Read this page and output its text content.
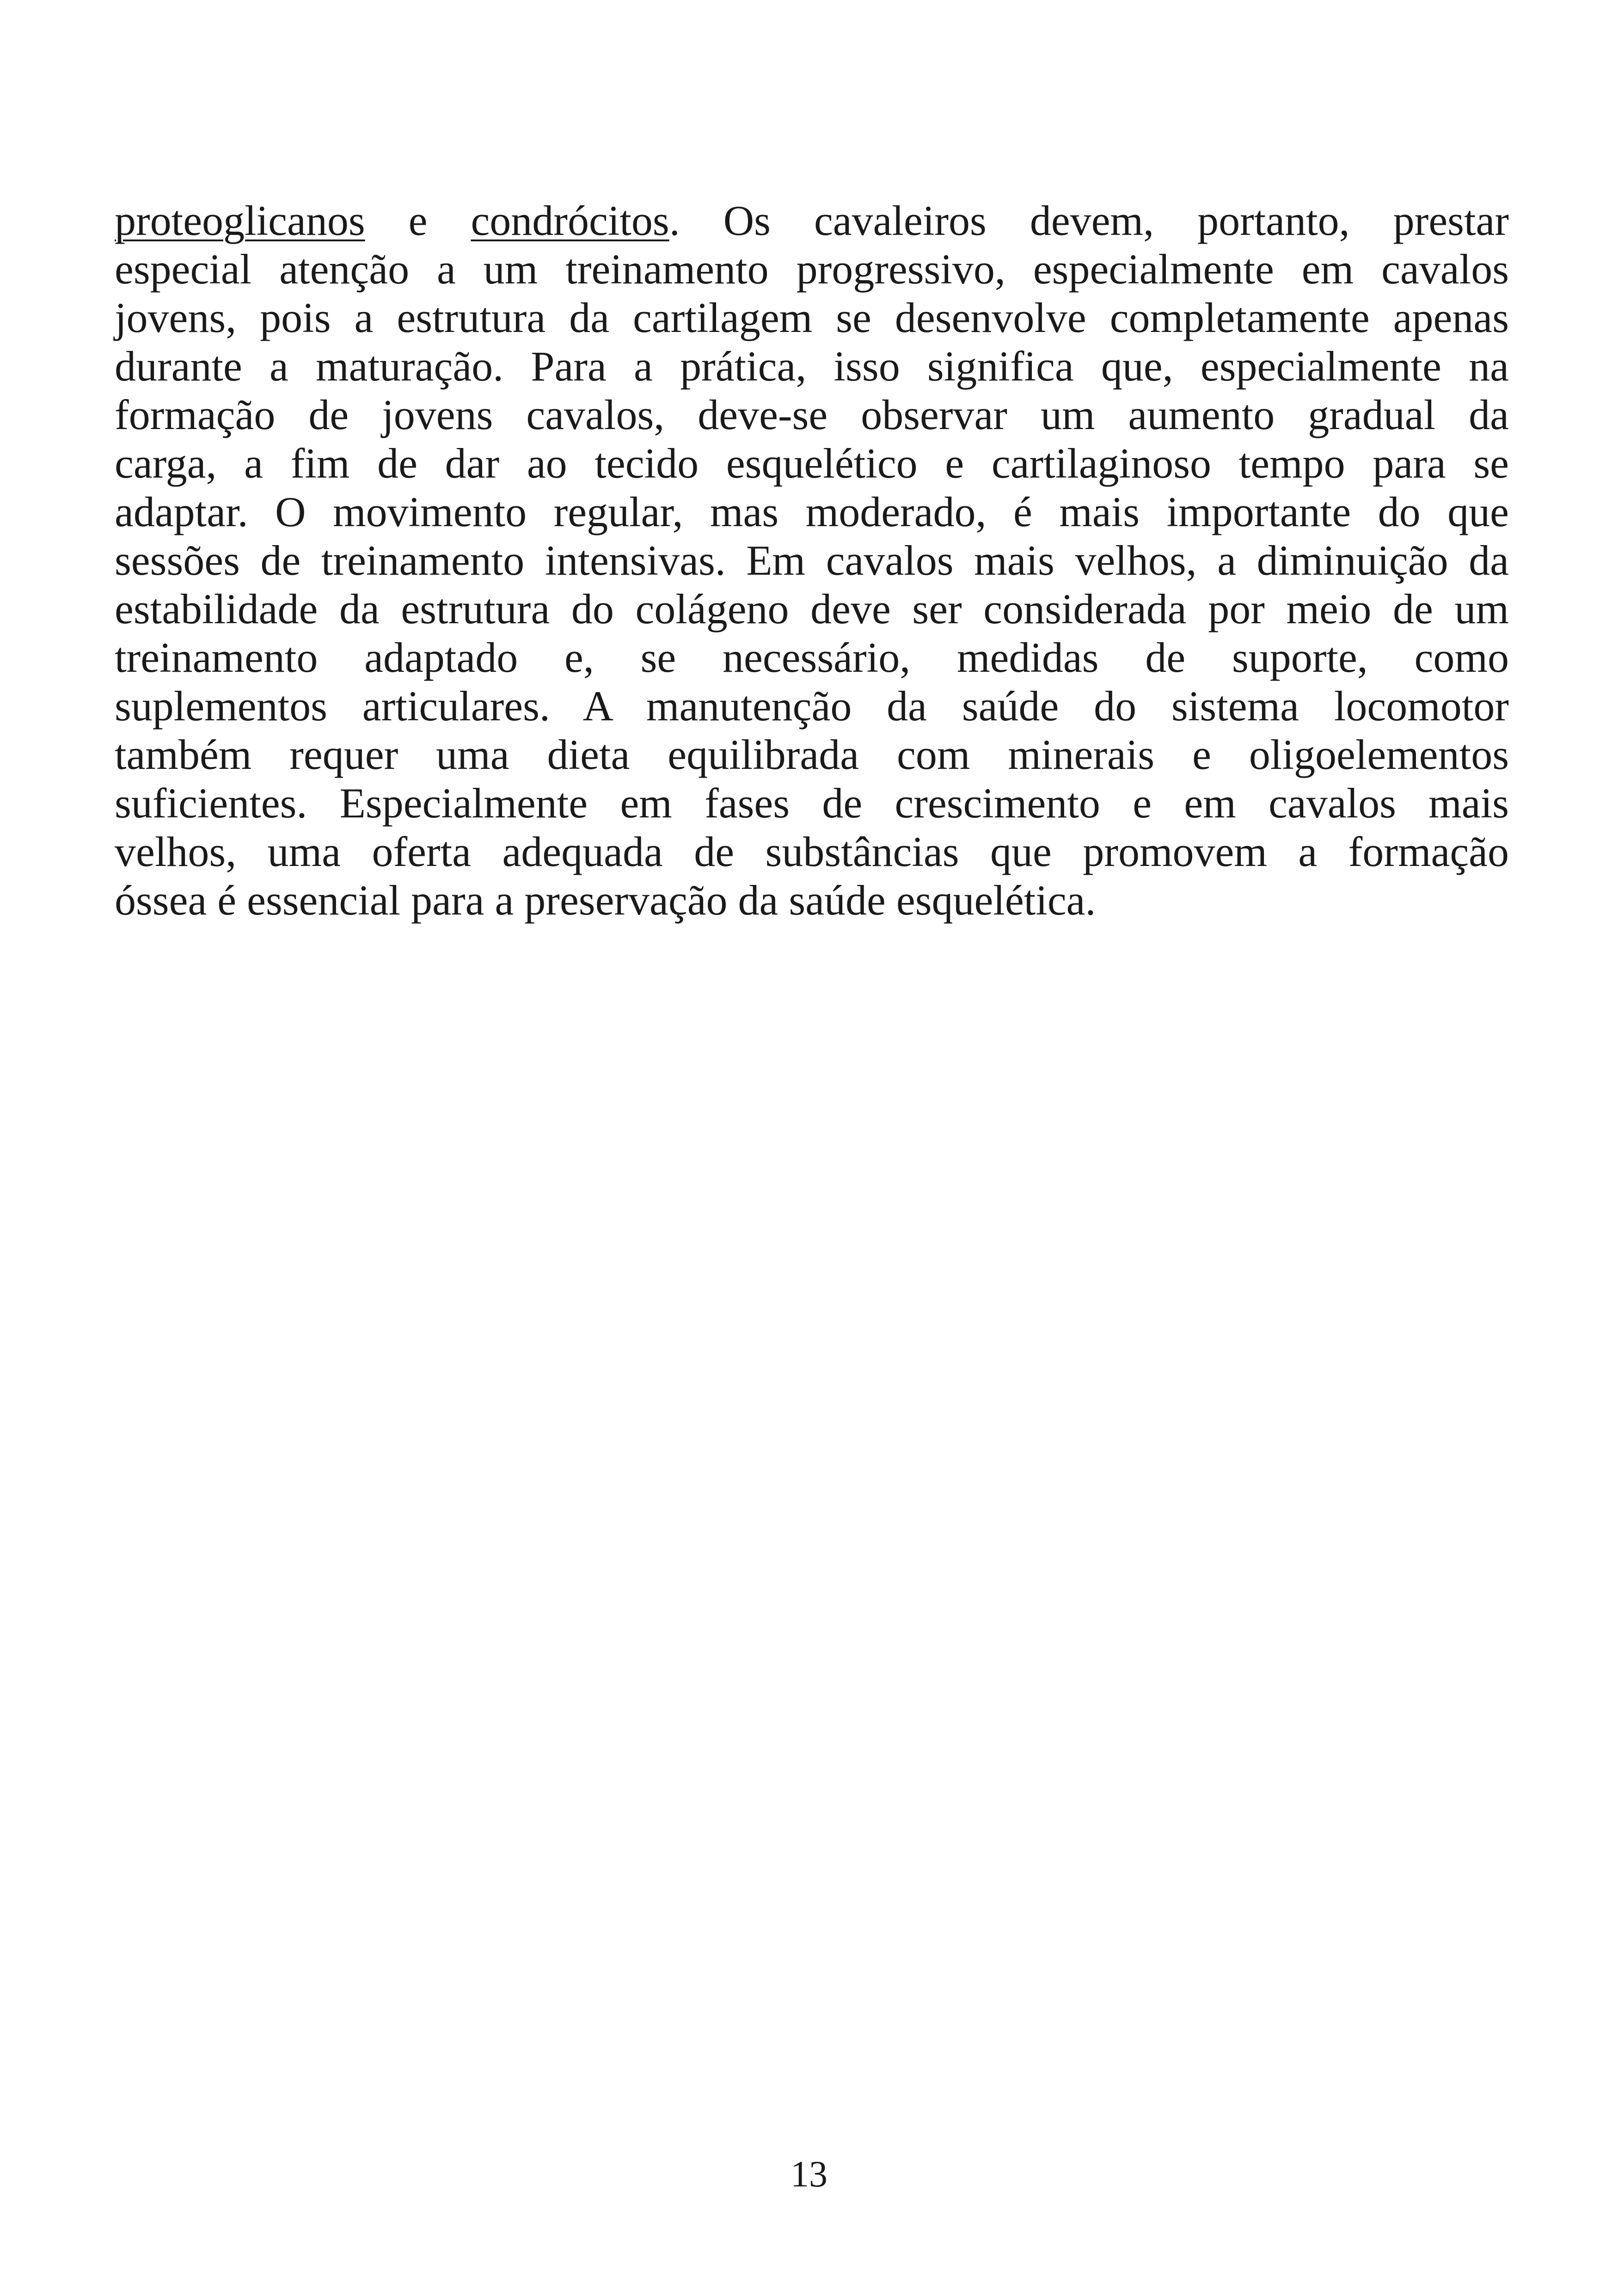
proteoglicanos e condrócitos. Os cavaleiros devem, portanto, prestar
especial atenção a um treinamento progressivo, especialmente em cavalos
jovens, pois a estrutura da cartilagem se desenvolve completamente apenas
durante a maturação. Para a prática, isso significa que, especialmente na
formação de jovens cavalos, deve-se observar um aumento gradual da
carga, a fim de dar ao tecido esquelético e cartilaginoso tempo para se
adaptar. O movimento regular, mas moderado, é mais importante do que
sessões de treinamento intensivas. Em cavalos mais velhos, a diminuição da
estabilidade da estrutura do colágeno deve ser considerada por meio de um
treinamento adaptado e, se necessário, medidas de suporte, como
suplementos articulares. A manutenção da saúde do sistema locomotor
também requer uma dieta equilibrada com minerais e oligoelementos
suficientes. Especialmente em fases de crescimento e em cavalos mais
velhos, uma oferta adequada de substâncias que promovem a formação
óssea é essencial para a preservação da saúde esquelética.
13
